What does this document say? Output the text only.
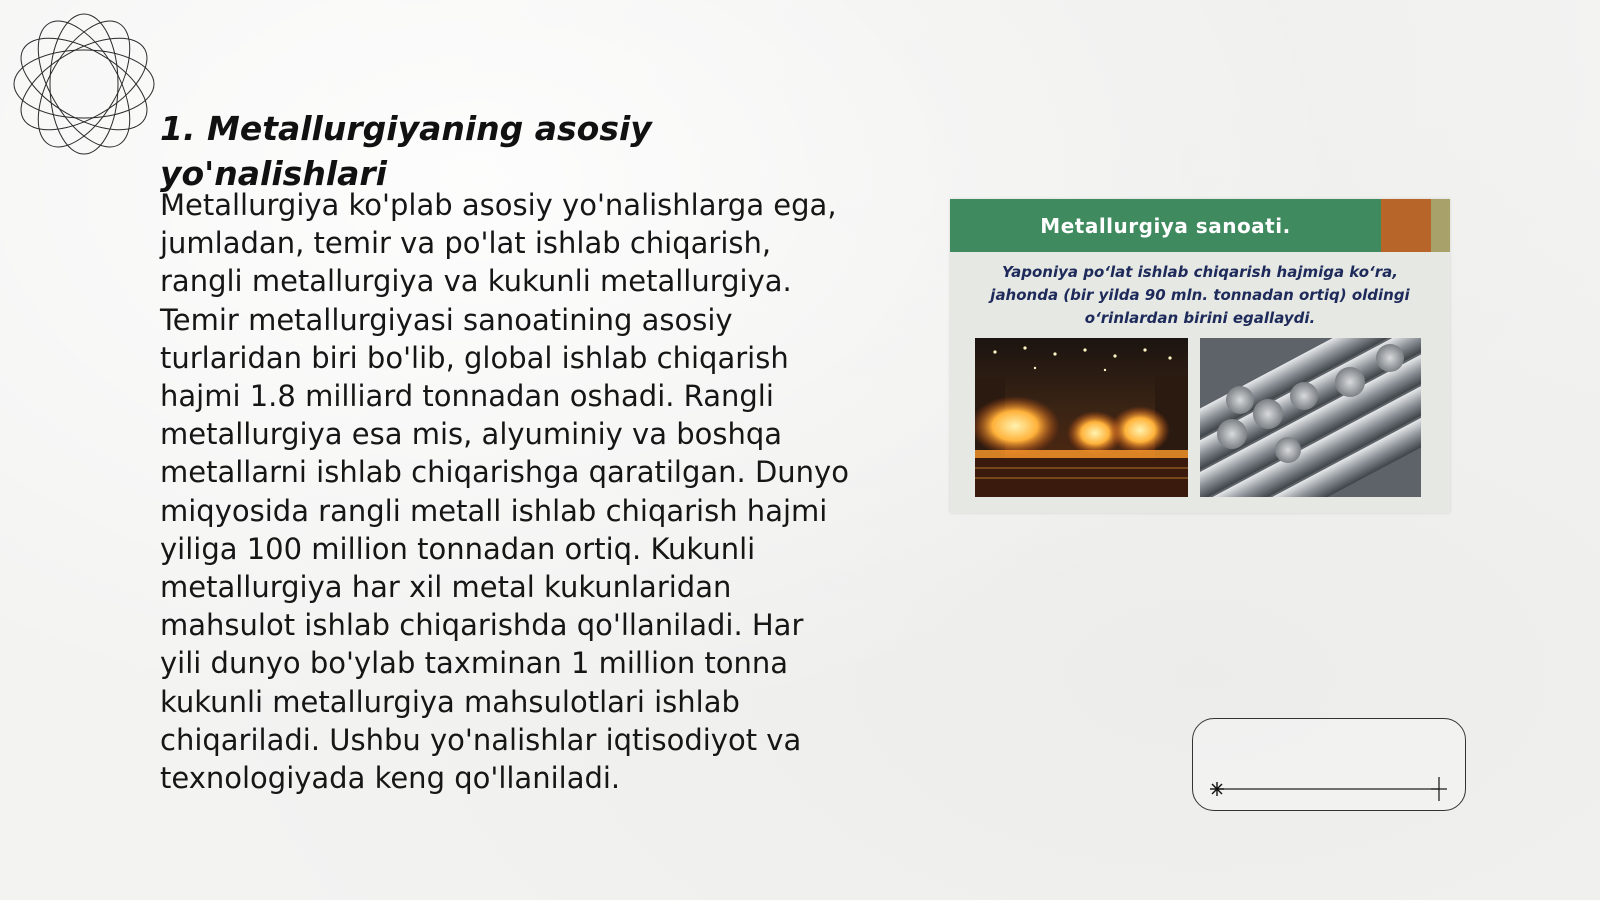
1. Metallurgiyaning asosiy yo'nalishlari

Metallurgiya ko'plab asosiy yo'nalishlarga ega, jumladan, temir va po'lat ishlab chiqarish, rangli metallurgiya va kukunli metallurgiya. Temir metallurgiyasi sanoatining asosiy turlaridan biri bo'lib, global ishlab chiqarish hajmi 1.8 milliard tonnadan oshadi. Rangli metallurgiya esa mis, alyuminiy va boshqa metallarni ishlab chiqarishga qaratilgan. Dunyo miqyosida rangli metall ishlab chiqarish hajmi yiliga 100 million tonnadan ortiq. Kukunli metallurgiya har xil metal kukunlaridan mahsulot ishlab chiqarishda qo'llaniladi. Har yili dunyo bo'ylab taxminan 1 million tonna kukunli metallurgiya mahsulotlari ishlab chiqariladi. Ushbu yo'nalishlar iqtisodiyot va texnologiyada keng qo'llaniladi.

Metallurgiya sanoati.
Yaponiya po‘lat ishlab chiqarish hajmiga ko‘ra, jahonda (bir yilda 90 mln. tonnadan ortiq) oldingi o‘rinlardan birini egallaydi.
